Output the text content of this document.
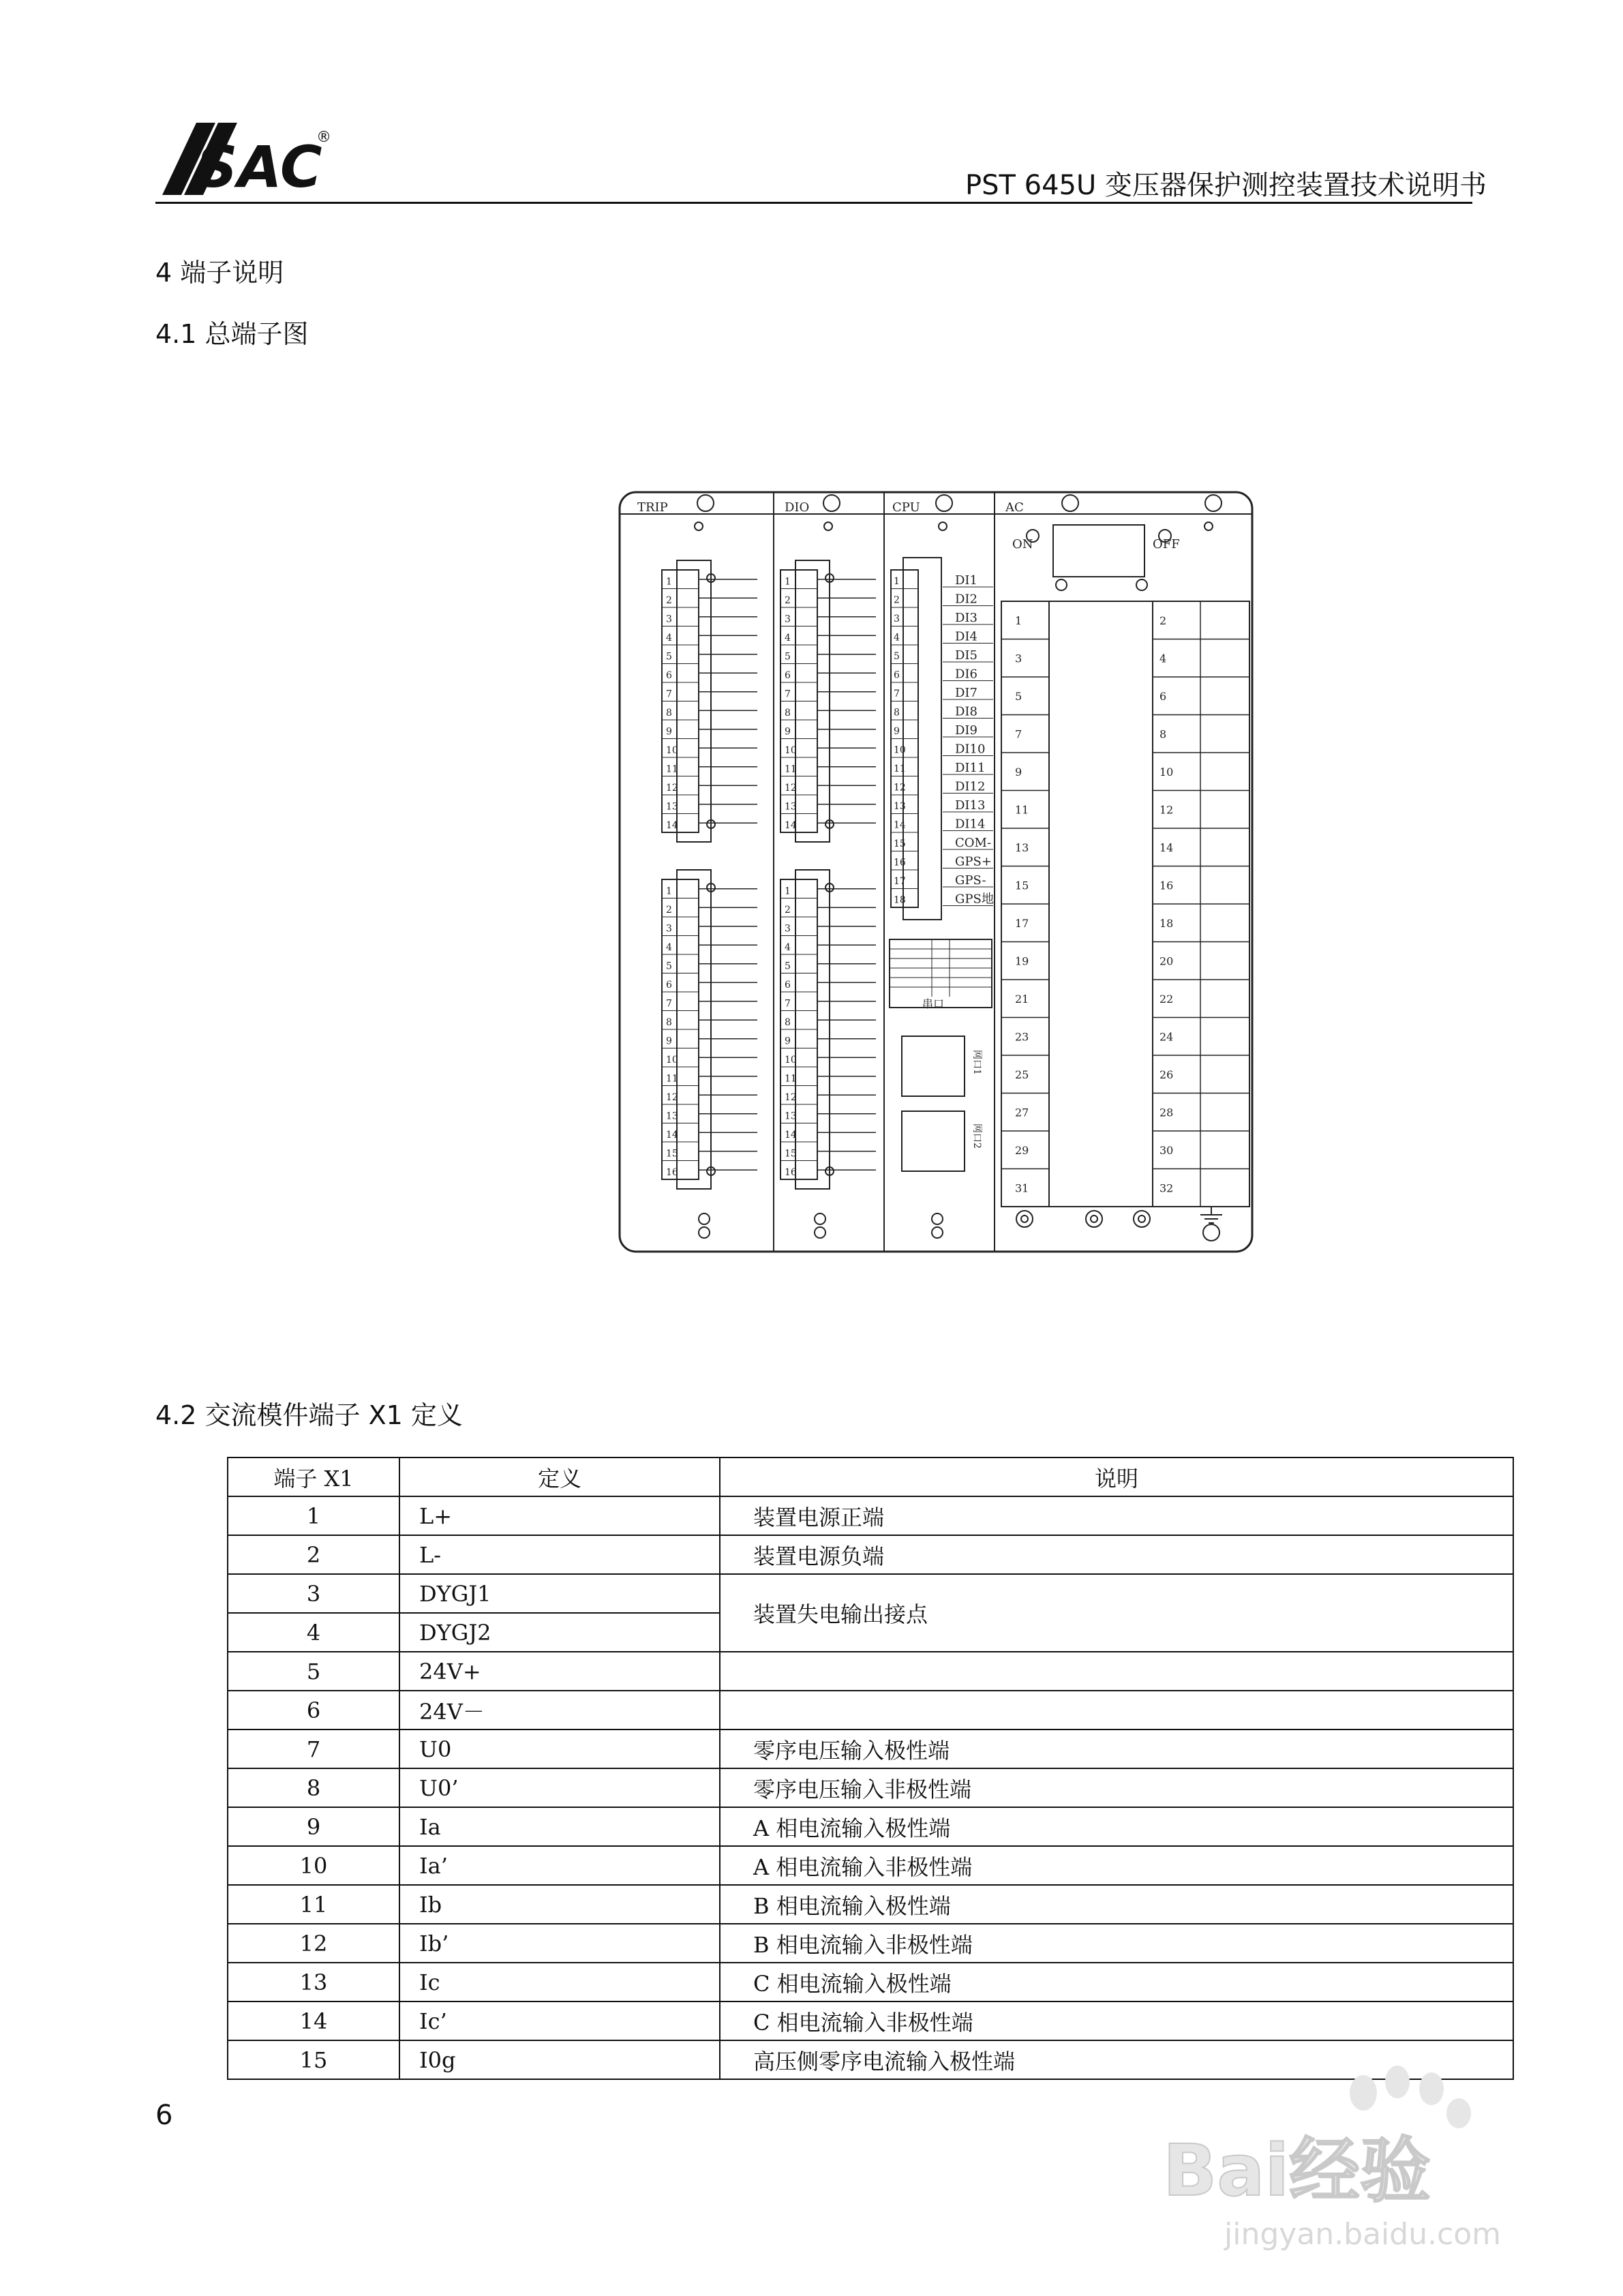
SAC
®
PST 645U 变压器保护测控装置技术说明书
4 端子说明
4.1 总端子图
TRIP	DIO	CPU	AC
1
2
3
4
5
6
7
8
9
10
11
12
13
14
1
2
3
4
5
6
7
8
9
10
11
12
13
14
15
16
1
2
3
4
5
6
7
8
9
10
11
12
13
14
1
2
3
4
5
6
7
8
9
10
11
12
13
14
15
16
1	DI1
2	DI2
3	DI3
4	DI4
5	DI5
6	DI6
7	DI7
8	DI8
9	DI9
10	DI10
11	DI11
12	DI12
13	DI13
14	DI14
15	COM-
16	GPS+
17	GPS-
18	GPS地
串口
网口1
网口2
ON	OFF
1	2
3	4
5	6
7	8
9	10
11	12
13	14
15	16
17	18
19	20
21	22
23	24
25	26
27	28
29	30
31	32
4.2 交流模件端子 X1 定义
端子 X1	定义	说明
1	L+	装置电源正端
2	L-	装置电源负端
3	DYGJ1	装置失电输出接点
4	DYGJ2	
5	24V+	
6	24V－	
7	U0	零序电压输入极性端
8	U0’	零序电压输入非极性端
9	Ia	A 相电流输入极性端
10	Ia’	A 相电流输入非极性端
11	Ib	B 相电流输入极性端
12	Ib’	B 相电流输入非极性端
13	Ic	C 相电流输入极性端
14	Ic’	C 相电流输入非极性端
15	I0g	高压侧零序电流输入极性端
6
Bai经验
jingyan.baidu.com
